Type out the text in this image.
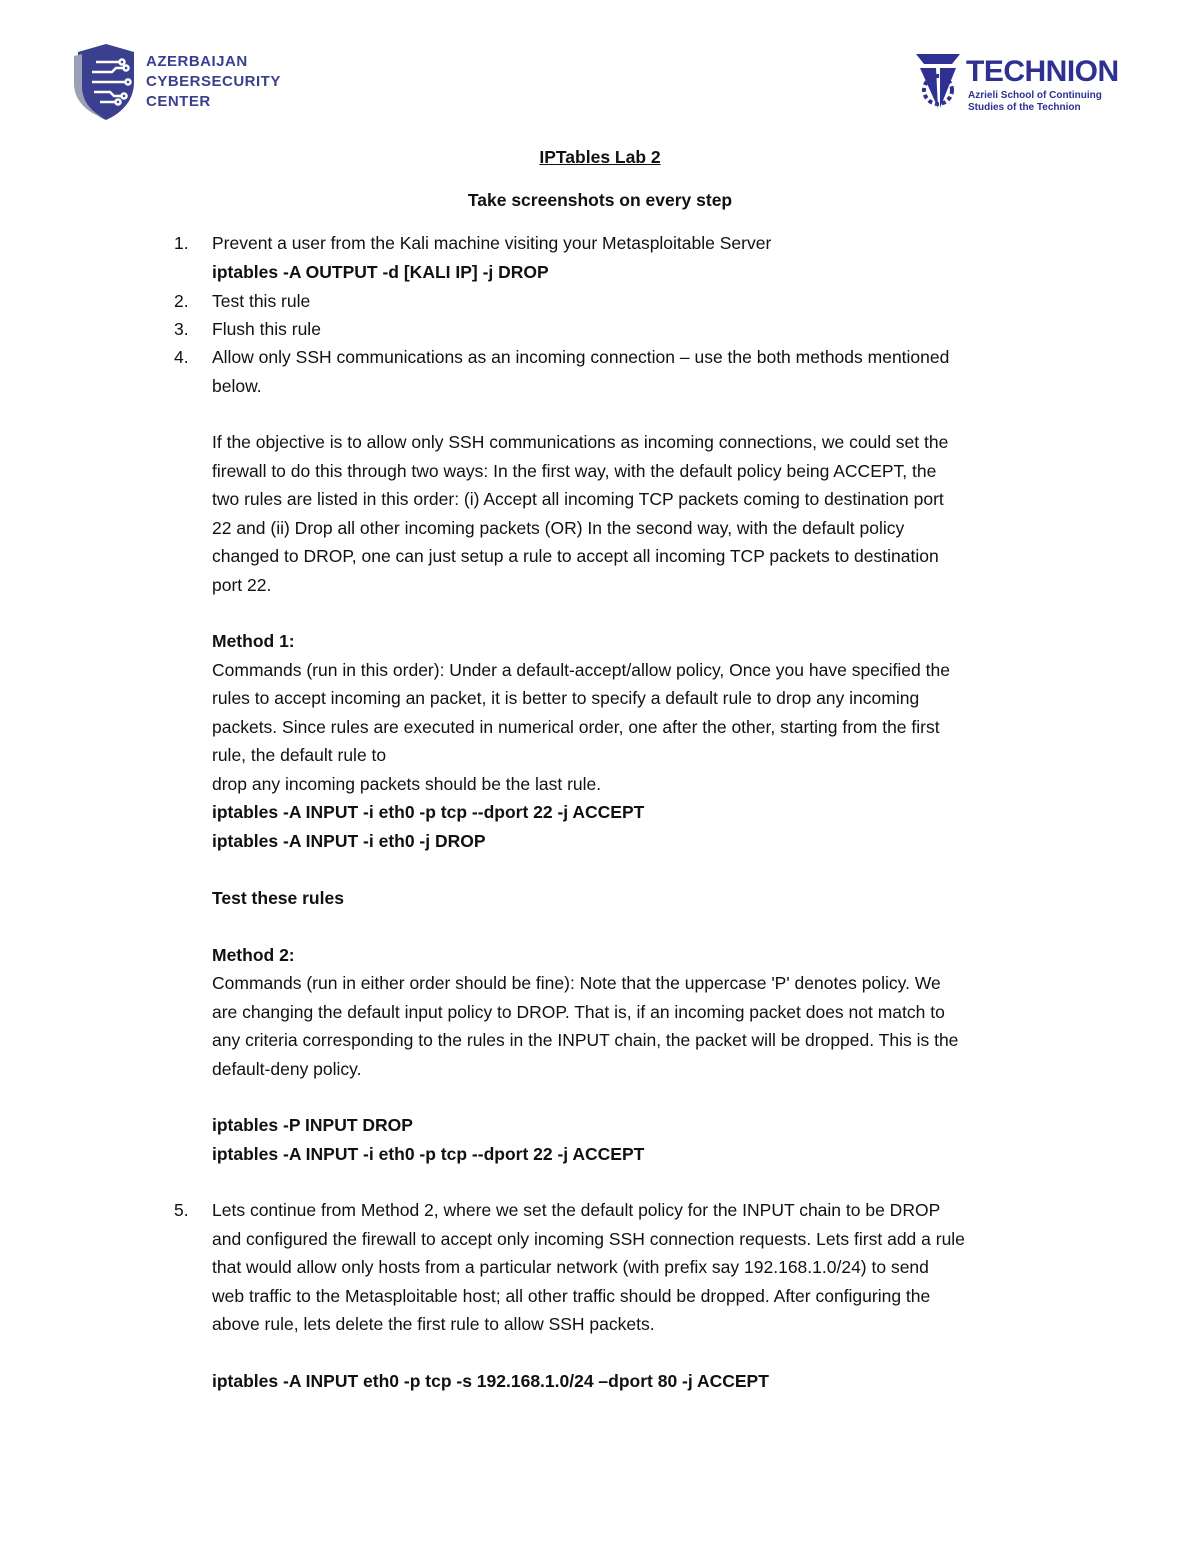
AZERBAIJAN
CYBERSECURITY
CENTER
TECHNION
Azrieli School of Continuing
Studies of the Technion
IPTables Lab 2
Take screenshots on every step
1. Prevent a user from the Kali machine visiting your Metasploitable Server
iptables -A OUTPUT -d [KALI IP] -j DROP
2. Test this rule
3. Flush this rule
4. Allow only SSH communications as an incoming connection – use the both methods mentioned
below.
If the objective is to allow only SSH communications as incoming connections, we could set the
firewall to do this through two ways: In the first way, with the default policy being ACCEPT, the
two rules are listed in this order: (i) Accept all incoming TCP packets coming to destination port
22 and (ii) Drop all other incoming packets (OR) In the second way, with the default policy
changed to DROP, one can just setup a rule to accept all incoming TCP packets to destination
port 22.
Method 1:
Commands (run in this order): Under a default-accept/allow policy, Once you have specified the
rules to accept incoming an packet, it is better to specify a default rule to drop any incoming
packets. Since rules are executed in numerical order, one after the other, starting from the first
rule, the default rule to
drop any incoming packets should be the last rule.
iptables -A INPUT -i eth0 -p tcp --dport 22 -j ACCEPT
iptables -A INPUT -i eth0 -j DROP
Test these rules
Method 2:
Commands (run in either order should be fine): Note that the uppercase 'P' denotes policy. We
are changing the default input policy to DROP. That is, if an incoming packet does not match to
any criteria corresponding to the rules in the INPUT chain, the packet will be dropped. This is the
default-deny policy.
iptables -P INPUT DROP
iptables -A INPUT -i eth0 -p tcp --dport 22 -j ACCEPT
5. Lets continue from Method 2, where we set the default policy for the INPUT chain to be DROP
and configured the firewall to accept only incoming SSH connection requests. Lets first add a rule
that would allow only hosts from a particular network (with prefix say 192.168.1.0/24) to send
web traffic to the Metasploitable host; all other traffic should be dropped. After configuring the
above rule, lets delete the first rule to allow SSH packets.
iptables -A INPUT eth0 -p tcp -s 192.168.1.0/24 –dport 80 -j ACCEPT
